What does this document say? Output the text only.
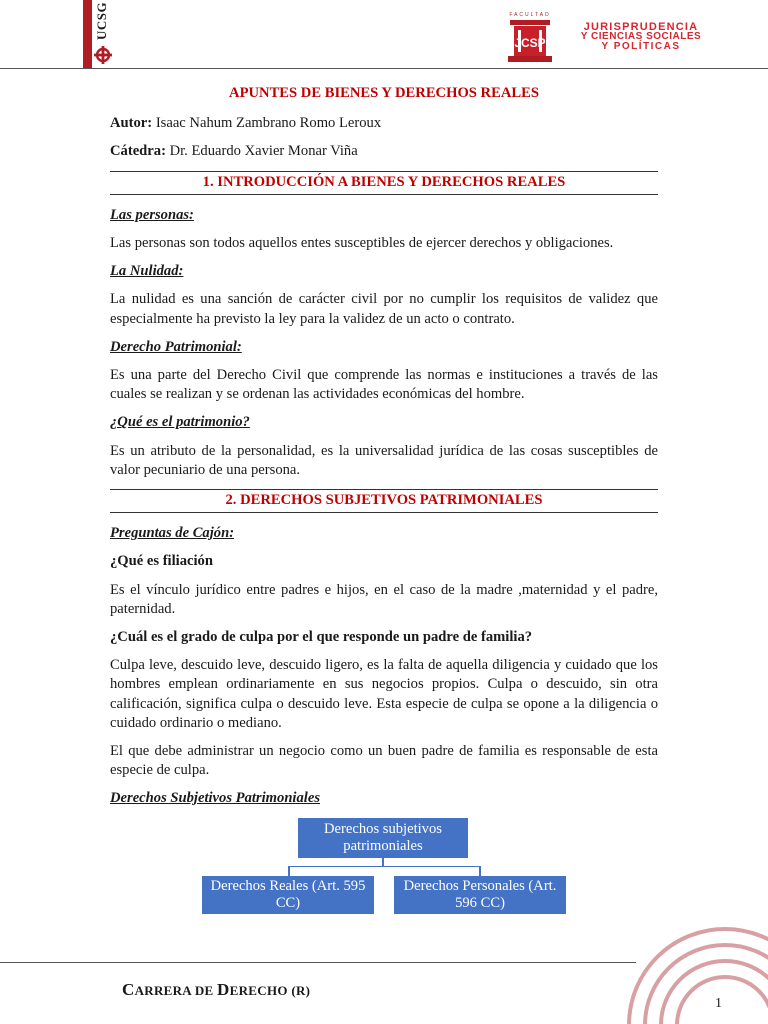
UCSG	FACULTAD
JCSP
JURISPRUDENCIA
Y CIENCIAS SOCIALES
Y POLÍTICAS
APUNTES DE BIENES Y DERECHOS REALES
Autor: Isaac Nahum Zambrano Romo Leroux
Cátedra: Dr. Eduardo Xavier Monar Viña
1. INTRODUCCIÓN A BIENES Y DERECHOS REALES
Las personas:
Las personas son todos aquellos entes susceptibles de ejercer derechos y obligaciones.
La Nulidad:
La nulidad es una sanción de carácter civil por no cumplir los requisitos de validez que especialmente ha previsto la ley para la validez de un acto o contrato.
Derecho Patrimonial:
Es una parte del Derecho Civil que comprende las normas e instituciones a través de las cuales se realizan y se ordenan las actividades económicas del hombre.
¿Qué es el patrimonio?
Es un atributo de la personalidad, es la universalidad jurídica de las cosas susceptibles de valor pecuniario de una persona.
2. DERECHOS SUBJETIVOS PATRIMONIALES
Preguntas de Cajón:
¿Qué es filiación
Es el vínculo jurídico entre padres e hijos, en el caso de la madre ,maternidad y el padre, paternidad.
¿Cuál es el grado de culpa por el que responde un padre de familia?
Culpa leve, descuido leve, descuido ligero, es la falta de aquella diligencia y cuidado que los hombres emplean ordinariamente en sus negocios propios. Culpa o descuido, sin otra calificación, significa culpa o descuido leve. Esta especie de culpa se opone a la diligencia o cuidado ordinario o mediano.
El que debe administrar un negocio como un buen padre de familia es responsable de esta especie de culpa.
Derechos Subjetivos Patrimoniales
Derechos subjetivos patrimoniales
Derechos Reales (Art. 595 CC)
Derechos Personales (Art. 596 CC)
CARRERA DE DERECHO (R)
1
